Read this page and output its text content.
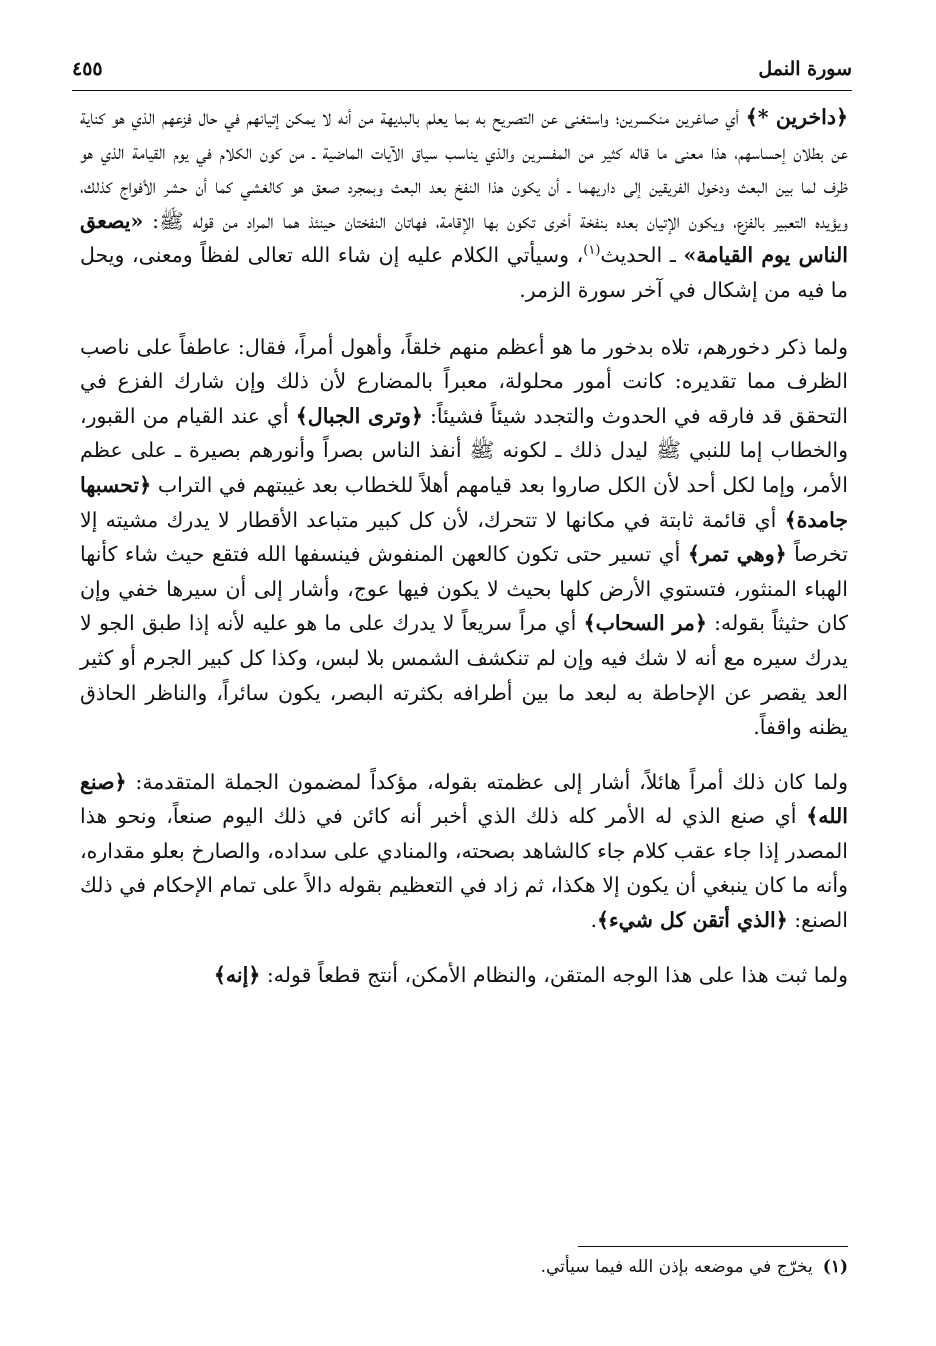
سورة النمل
٤٥٥

﴿داخرين *﴾ أي صاغرين منكسرين؛ واستغنى عن التصريح به بما يعلم بالبديهة من أنه لا يمكن إتيانهم في حال فزعهم الذي هو كناية عن بطلان إحساسهم، هذا معنى ما قاله كثير من المفسرين والذي يناسب سياق الآيات الماضية ـ من كون الكلام في يوم القيامة الذي هو ظرف لما بين البعث ودخول الفريقين إلى داريهما ـ أن يكون هذا النفخ بعد البعث وبمجرد صعق هو كالغشي كما أن حشر الأفواج كذلك، ويؤيده التعبير بالفزع، ويكون الإتيان بعده بنفخة أخرى تكون بها الإقامة، فهاتان النفختان حينئذ هما المراد من قوله ﷺ: «يصعق الناس يوم القيامة» ـ الحديث$^{(١)}$، وسيأتي الكلام عليه إن شاء الله تعالى لفظاً ومعنى، ويحل ما فيه من إشكال في آخر سورة الزمر.

ولما ذكر دخورهم، تلاه بدخور ما هو أعظم منهم خلقاً، وأهول أمراً، فقال: عاطفاً على ناصب الظرف مما تقديره: كانت أمور محلولة، معبراً بالمضارع لأن ذلك وإن شارك الفزع في التحقق قد فارقه في الحدوث والتجدد شيئاً فشيئاً: ﴿وترى الجبال﴾ أي عند القيام من القبور، والخطاب إما للنبي ﷺ ليدل ذلك ـ لكونه ﷺ أنفذ الناس بصراً وأنورهم بصيرة ـ على عظم الأمر، وإما لكل أحد لأن الكل صاروا بعد قيامهم أهلاً للخطاب بعد غيبتهم في التراب ﴿تحسبها جامدة﴾ أي قائمة ثابتة في مكانها لا تتحرك، لأن كل كبير متباعد الأقطار لا يدرك مشيته إلا تخرصاً ﴿وهي تمر﴾ أي تسير حتى تكون كالعهن المنفوش فينسفها الله فتقع حيث شاء كأنها الهباء المنثور، فتستوي الأرض كلها بحيث لا يكون فيها عوج، وأشار إلى أن سيرها خفي وإن كان حثيثاً بقوله: ﴿مر السحاب﴾ أي مراً سريعاً لا يدرك على ما هو عليه لأنه إذا طبق الجو لا يدرك سيره مع أنه لا شك فيه وإن لم تنكشف الشمس بلا لبس، وكذا كل كبير الجرم أو كثير العد يقصر عن الإحاطة به لبعد ما بين أطرافه بكثرته البصر، يكون سائراً، والناظر الحاذق يظنه واقفاً.

ولما كان ذلك أمراً هائلاً، أشار إلى عظمته بقوله، مؤكداً لمضمون الجملة المتقدمة: ﴿صنع الله﴾ أي صنع الذي له الأمر كله ذلك الذي أخبر أنه كائن في ذلك اليوم صنعاً، ونحو هذا المصدر إذا جاء عقب كلام جاء كالشاهد بصحته، والمنادي على سداده، والصارخ بعلو مقداره، وأنه ما كان ينبغي أن يكون إلا هكذا، ثم زاد في التعظيم بقوله دالاً على تمام الإحكام في ذلك الصنع: ﴿الذي أتقن كل شيء﴾.

ولما ثبت هذا على هذا الوجه المتقن، والنظام الأمكن، أنتج قطعاً قوله: ﴿إنه﴾

(١)يخرّج في موضعه بإذن الله فيما سيأتي.
